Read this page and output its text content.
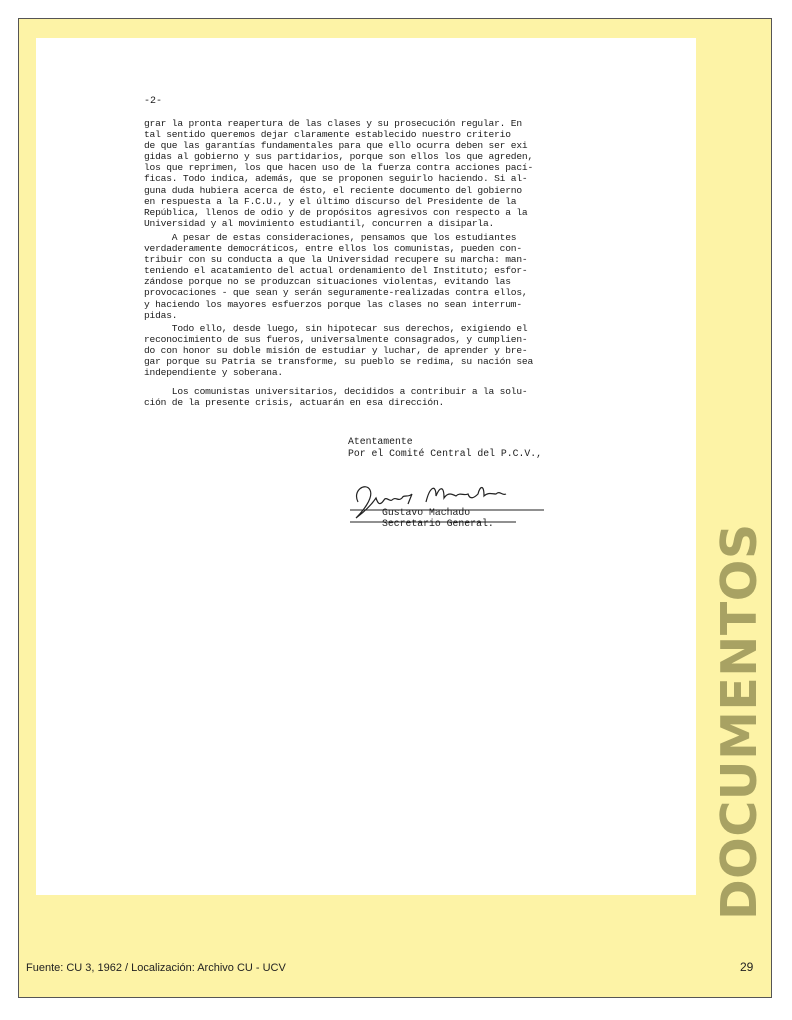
-2-
grar la pronta reapertura de las clases y su prosecución regular. En
tal sentido queremos dejar claramente establecido nuestro criterio
de que las garantías fundamentales para que ello ocurra deben ser exi
gidas al gobierno y sus partidarios, porque son ellos los que agreden,
los que reprimen, los que hacen uso de la fuerza contra acciones pací-
ficas. Todo indica, además, que se proponen seguirlo haciendo. Si al-
guna duda hubiera acerca de ésto, el reciente documento del gobierno
en respuesta a la F.C.U., y el último discurso del Presidente de la
República, llenos de odio y de propósitos agresivos con respecto a la
Universidad y al movimiento estudiantil, concurren a disiparla.
A pesar de estas consideraciones, pensamos que los estudiantes
verdaderamente democráticos, entre ellos los comunistas, pueden con-
tribuir con su conducta a que la Universidad recupere su marcha: man-
teniendo el acatamiento del actual ordenamiento del Instituto; esfor-
zándose porque no se produzcan situaciones violentas, evitando las
provocaciones - que sean y serán seguramente-realizadas contra ellos,
y haciendo los mayores esfuerzos porque las clases no sean interrum-
pidas.
Todo ello, desde luego, sin hipotecar sus derechos, exigiendo el
reconocimiento de sus fueros, universalmente consagrados, y cumplien-
do con honor su doble misión de estudiar y luchar, de aprender y bre-
gar porque su Patria se transforme, su pueblo se redima, su nación sea
independiente y soberana.
Los comunistas universitarios, decididos a contribuir a la solu-
ción de la presente crisis, actuarán en esa dirección.
Atentamente
Por el Comité Central del P.C.V.,
Gustavo Machado
Secretario General.	DOCUMENTOS
Fuente: CU 3, 1962 / Localización: Archivo CU - UCV	29
